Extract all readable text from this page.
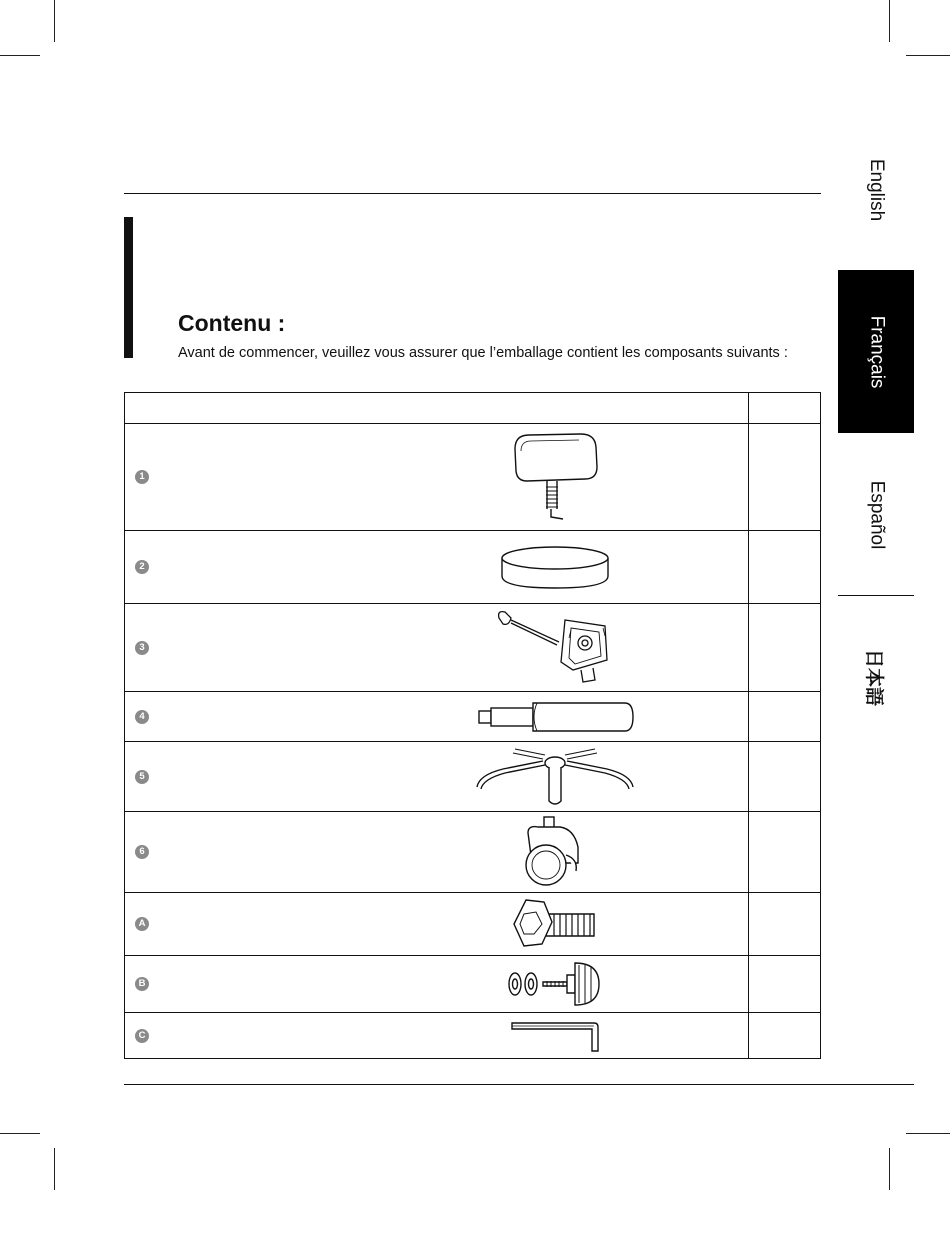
Contenu :
Avant de commencer, veuillez vous assurer que l’emballage contient les composants suivants :
English
Français
Español
日本語
1
2
3
4
5
6
A
B
C
